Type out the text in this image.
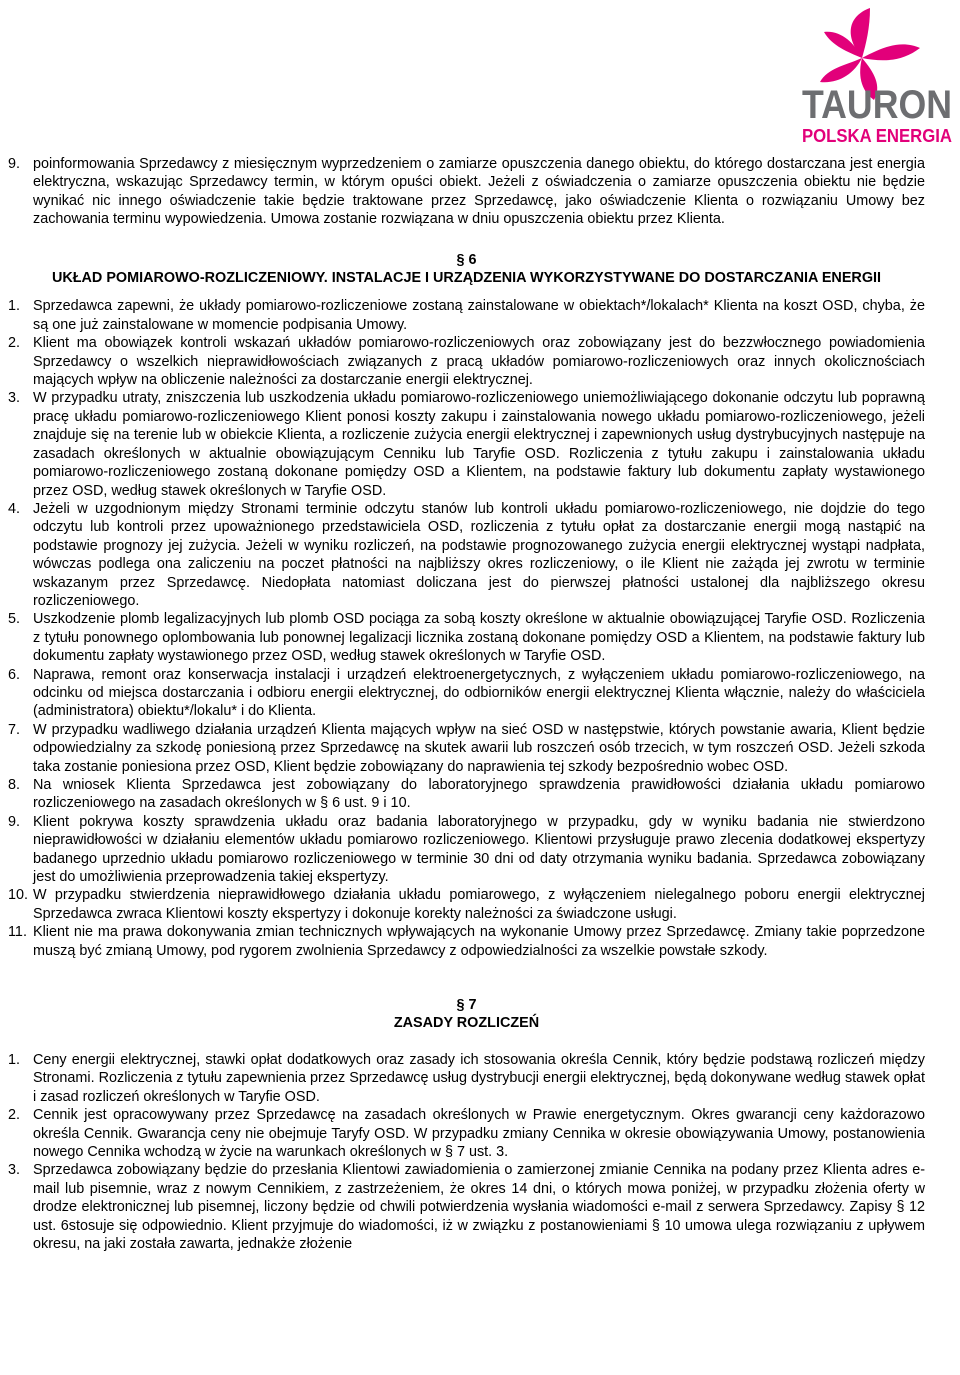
TAURON
POLSKA ENERGIA
9. poinformowania Sprzedawcy z miesięcznym wyprzedzeniem o zamiarze opuszczenia danego obiektu, do którego dostarczana jest energia elektryczna, wskazując Sprzedawcy termin, w którym opuści obiekt. Jeżeli z oświadczenia o zamiarze opuszczenia obiektu nie będzie wynikać nic innego oświadczenie takie będzie traktowane przez Sprzedawcę, jako oświadczenie Klienta o rozwiązaniu Umowy bez zachowania terminu wypowiedzenia. Umowa zostanie rozwiązana w dniu opuszczenia obiektu przez Klienta.
§ 6
UKŁAD POMIAROWO-ROZLICZENIOWY. INSTALACJE I URZĄDZENIA WYKORZYSTYWANE DO DOSTARCZANIA ENERGII
1. Sprzedawca zapewni, że układy pomiarowo-rozliczeniowe zostaną zainstalowane w obiektach*/lokalach* Klienta na koszt OSD, chyba, że są one już zainstalowane w momencie podpisania Umowy.
2. Klient ma obowiązek kontroli wskazań układów pomiarowo-rozliczeniowych oraz zobowiązany jest do bezzwłocznego powiadomienia Sprzedawcy o wszelkich nieprawidłowościach związanych z pracą układów pomiarowo-rozliczeniowych oraz innych okolicznościach mających wpływ na obliczenie należności za dostarczanie energii elektrycznej.
3. W przypadku utraty, zniszczenia lub uszkodzenia układu pomiarowo-rozliczeniowego uniemożliwiającego dokonanie odczytu lub poprawną pracę układu pomiarowo-rozliczeniowego Klient ponosi koszty zakupu i zainstalowania nowego układu pomiarowo-rozliczeniowego, jeżeli znajduje się na terenie lub w obiekcie Klienta, a rozliczenie zużycia energii elektrycznej i zapewnionych usług dystrybucyjnych następuje na zasadach określonych w aktualnie obowiązującym Cenniku lub Taryfie OSD. Rozliczenia z tytułu zakupu i zainstalowania układu pomiarowo-rozliczeniowego zostaną dokonane pomiędzy OSD a Klientem, na podstawie faktury lub dokumentu zapłaty wystawionego przez OSD, według stawek określonych w Taryfie OSD.
4. Jeżeli w uzgodnionym między Stronami terminie odczytu stanów lub kontroli układu pomiarowo-rozliczeniowego, nie dojdzie do tego odczytu lub kontroli przez upoważnionego przedstawiciela OSD, rozliczenia z tytułu opłat za dostarczanie energii mogą nastąpić na podstawie prognozy jej zużycia. Jeżeli w wyniku rozliczeń, na podstawie prognozowanego zużycia energii elektrycznej wystąpi nadpłata, wówczas podlega ona zaliczeniu na poczet płatności na najbliższy okres rozliczeniowy, o ile Klient nie zażąda jej zwrotu w terminie wskazanym przez Sprzedawcę. Niedopłata natomiast doliczana jest do pierwszej płatności ustalonej dla najbliższego okresu rozliczeniowego.
5. Uszkodzenie plomb legalizacyjnych lub plomb OSD pociąga za sobą koszty określone w aktualnie obowiązującej Taryfie OSD. Rozliczenia z tytułu ponownego oplombowania lub ponownej legalizacji licznika zostaną dokonane pomiędzy OSD a Klientem, na podstawie faktury lub dokumentu zapłaty wystawionego przez OSD, według stawek określonych w Taryfie OSD.
6. Naprawa, remont oraz konserwacja instalacji i urządzeń elektroenergetycznych, z wyłączeniem układu pomiarowo-rozliczeniowego, na odcinku od miejsca dostarczania i odbioru energii elektrycznej, do odbiorników energii elektrycznej Klienta włącznie, należy do właściciela (administratora) obiektu*/lokalu* i do Klienta.
7. W przypadku wadliwego działania urządzeń Klienta mających wpływ na sieć OSD w następstwie, których powstanie awaria, Klient będzie odpowiedzialny za szkodę poniesioną przez Sprzedawcę na skutek awarii lub roszczeń osób trzecich, w tym roszczeń OSD. Jeżeli szkoda taka zostanie poniesiona przez OSD, Klient będzie zobowiązany do naprawienia tej szkody bezpośrednio wobec OSD.
8. Na wniosek Klienta Sprzedawca jest zobowiązany do laboratoryjnego sprawdzenia prawidłowości działania układu pomiarowo rozliczeniowego na zasadach określonych w § 6 ust. 9 i 10.
9. Klient pokrywa koszty sprawdzenia układu oraz badania laboratoryjnego w przypadku, gdy w wyniku badania nie stwierdzono nieprawidłowości w działaniu elementów układu pomiarowo rozliczeniowego. Klientowi przysługuje prawo zlecenia dodatkowej ekspertyzy badanego uprzednio układu pomiarowo rozliczeniowego w terminie 30 dni od daty otrzymania wyniku badania. Sprzedawca zobowiązany jest do umożliwienia przeprowadzenia takiej ekspertyzy.
10. W przypadku stwierdzenia nieprawidłowego działania układu pomiarowego, z wyłączeniem nielegalnego poboru energii elektrycznej Sprzedawca zwraca Klientowi koszty ekspertyzy i dokonuje korekty należności za świadczone usługi.
11. Klient nie ma prawa dokonywania zmian technicznych wpływających na wykonanie Umowy przez Sprzedawcę. Zmiany takie poprzedzone muszą być zmianą Umowy, pod rygorem zwolnienia Sprzedawcy z odpowiedzialności za wszelkie powstałe szkody.
§ 7
ZASADY ROZLICZEŃ
1. Ceny energii elektrycznej, stawki opłat dodatkowych oraz zasady ich stosowania określa Cennik, który będzie podstawą rozliczeń między Stronami. Rozliczenia z tytułu zapewnienia przez Sprzedawcę usług dystrybucji energii elektrycznej, będą dokonywane według stawek opłat i zasad rozliczeń określonych w Taryfie OSD.
2. Cennik jest opracowywany przez Sprzedawcę na zasadach określonych w Prawie energetycznym. Okres gwarancji ceny każdorazowo określa Cennik. Gwarancja ceny nie obejmuje Taryfy OSD. W przypadku zmiany Cennika w okresie obowiązywania Umowy, postanowienia nowego Cennika wchodzą w życie na warunkach określonych w § 7 ust. 3.
3. Sprzedawca zobowiązany będzie do przesłania Klientowi zawiadomienia o zamierzonej zmianie Cennika na podany przez Klienta adres e-mail lub pisemnie, wraz z nowym Cennikiem, z zastrzeżeniem, że okres 14 dni, o których mowa poniżej, w przypadku złożenia oferty w drodze elektronicznej lub pisemnej, liczony będzie od chwili potwierdzenia wysłania wiadomości e-mail z serwera Sprzedawcy. Zapisy § 12 ust. 6stosuje się odpowiednio. Klient przyjmuje do wiadomości, iż w związku z postanowieniami § 10 umowa ulega rozwiązaniu z upływem okresu, na jaki została zawarta, jednakże złożenie
